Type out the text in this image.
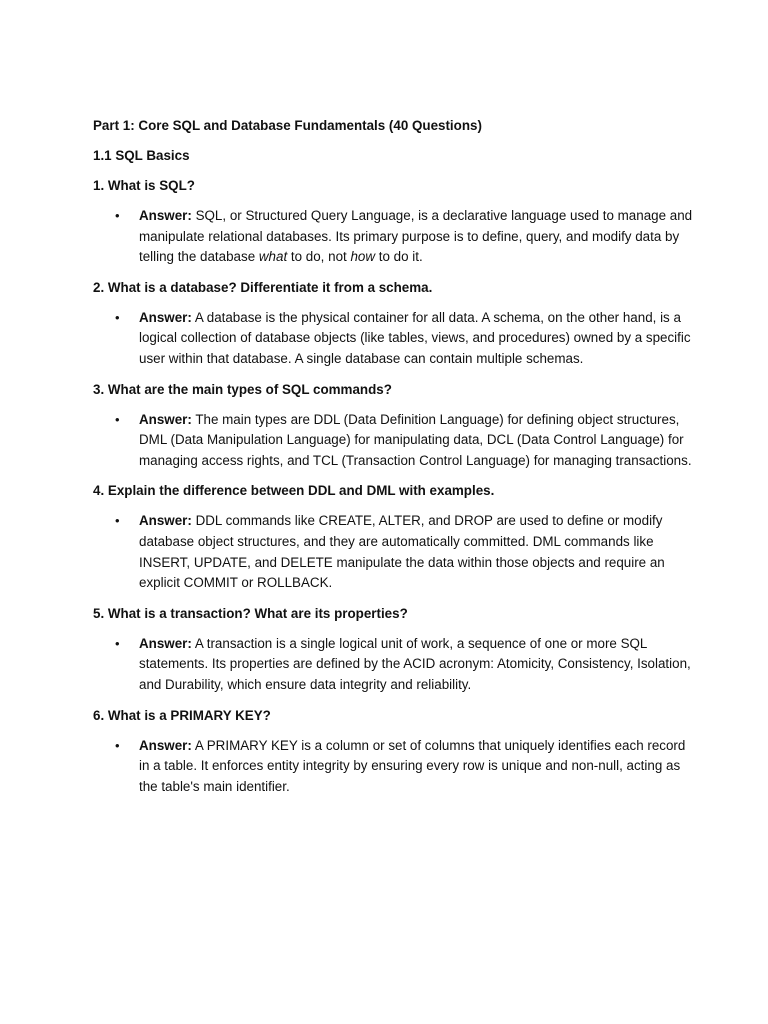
Part 1: Core SQL and Database Fundamentals (40 Questions)
1.1 SQL Basics
1. What is SQL?
• Answer: SQL, or Structured Query Language, is a declarative language used to manage and manipulate relational databases. Its primary purpose is to define, query, and modify data by telling the database what to do, not how to do it.
2. What is a database? Differentiate it from a schema.
• Answer: A database is the physical container for all data. A schema, on the other hand, is a logical collection of database objects (like tables, views, and procedures) owned by a specific user within that database. A single database can contain multiple schemas.
3. What are the main types of SQL commands?
• Answer: The main types are DDL (Data Definition Language) for defining object structures, DML (Data Manipulation Language) for manipulating data, DCL (Data Control Language) for managing access rights, and TCL (Transaction Control Language) for managing transactions.
4. Explain the difference between DDL and DML with examples.
• Answer: DDL commands like CREATE, ALTER, and DROP are used to define or modify database object structures, and they are automatically committed. DML commands like INSERT, UPDATE, and DELETE manipulate the data within those objects and require an explicit COMMIT or ROLLBACK.
5. What is a transaction? What are its properties?
• Answer: A transaction is a single logical unit of work, a sequence of one or more SQL statements. Its properties are defined by the ACID acronym: Atomicity, Consistency, Isolation, and Durability, which ensure data integrity and reliability.
6. What is a PRIMARY KEY?
• Answer: A PRIMARY KEY is a column or set of columns that uniquely identifies each record in a table. It enforces entity integrity by ensuring every row is unique and non-null, acting as the table's main identifier.
